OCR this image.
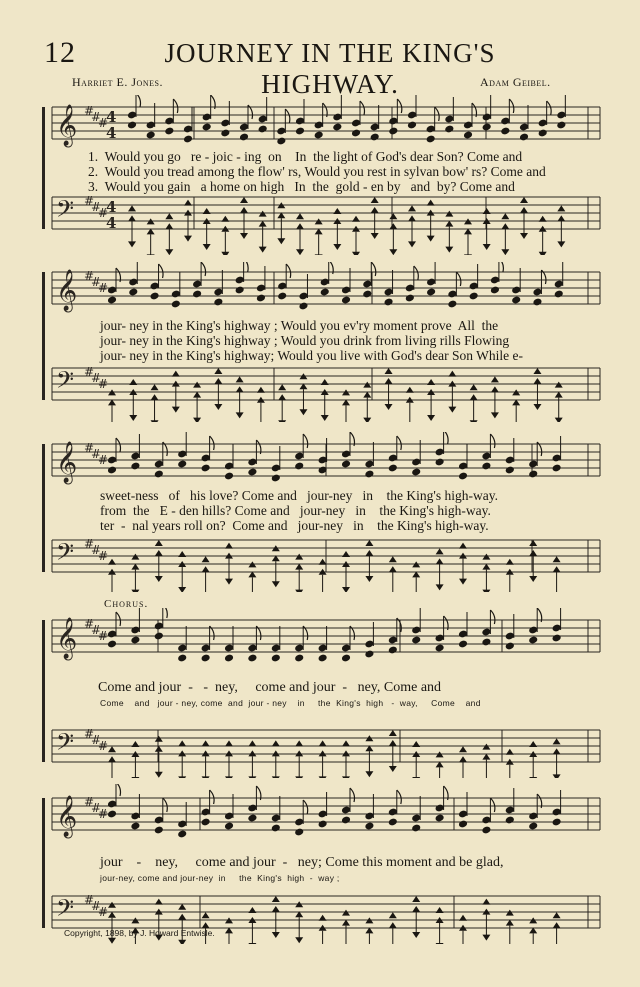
12	JOURNEY IN THE KING'S HIGHWAY.
Harriet E. Jones.	Adam Geibel.
#
#
#
#
#
#
𝄞
𝄢
4
4
4
4
1.  Would you go   re - joic - ing  on    In  the light of God's dear Son? Come and
2.  Would you tread among the flow' rs, Would you rest in sylvan bow' rs? Come and
3.  Would you gain   a home on high   In  the  gold - en by   and  by? Come and
#
#
#
#
#
#
𝄞
𝄢
jour- ney in the King's highway ; Would you ev'ry moment prove  All  the
jour- ney in the King's highway ; Would you drink from living rills Flowing
jour- ney in the King's highway; Would you live with God's dear Son While e-
#
#
#
#
#
#
𝄞
𝄢
sweet-ness   of   his love? Come and   jour-ney   in    the King's high-way.
from  the   E - den hills? Come and   jour-ney   in    the King's high-way.
ter  -  nal years roll on?  Come and   jour-ney   in    the King's high-way.
Chorus.
#
#
#
#
#
#
𝄞
𝄢
Come and jour  -   -  ney,     come and jour  -   ney, Come and
Come    and   jour - ney, come  and  jour - ney    in     the  King's  high   -  way,     Come    and
#
#
#
#
#
#
𝄞
𝄢
jour    -    ney,     come and jour  -   ney; Come this moment and be glad,
jour-ney, come and jour-ney  in     the  King's  high  -  way ;
Copyright, 1898, by J. Howard Entwisle.
